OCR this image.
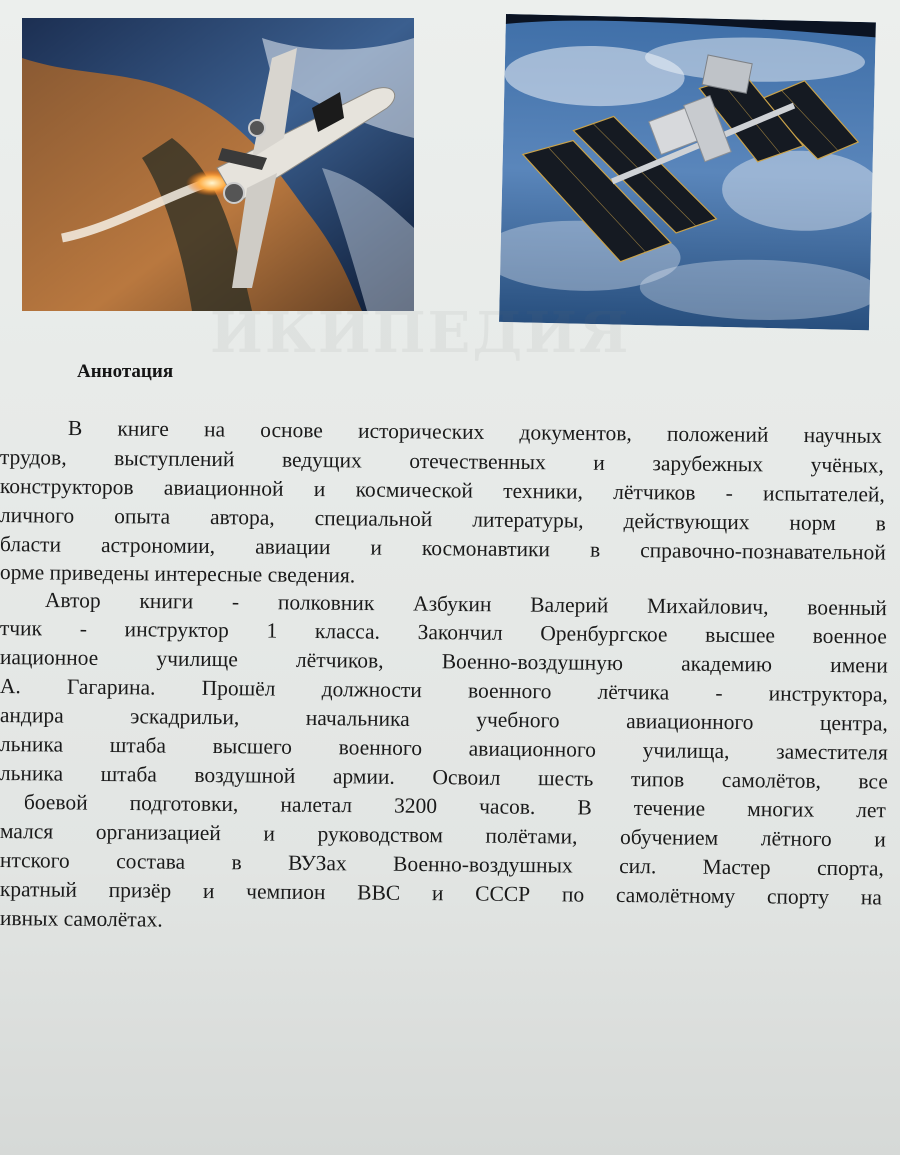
ИКИПЕДИЯ
Аннотация
В книге на основе исторических документов, положений научных
трудов, выступлений ведущих отечественных и зарубежных учёных,
конструкторов авиационной и космической техники, лётчиков - испытателей,
личного опыта автора, специальной литературы, действующих норм в
бласти астрономии, авиации и космонавтики в справочно-познавательной
орме приведены интересные сведения.
Автор книги - полковник Азбукин Валерий Михайлович, военный
тчик - инструктор 1 класса. Закончил Оренбургское высшее военное
иационное училище лётчиков, Военно-воздушную академию имени
А. Гагарина. Прошёл должности военного лётчика - инструктора,
андира эскадрильи, начальника учебного авиационного центра,
льника штаба высшего военного авиационного училища, заместителя
льника штаба воздушной армии. Освоил шесть типов самолётов, все
боевой подготовки, налетал 3200 часов. В течение многих лет
мался организацией и руководством полётами, обучением лётного и
нтского состава в ВУЗах Военно-воздушных сил. Мастер спорта,
кратный призёр и чемпион ВВС и СССР по самолётному спорту на
ивных самолётах.
